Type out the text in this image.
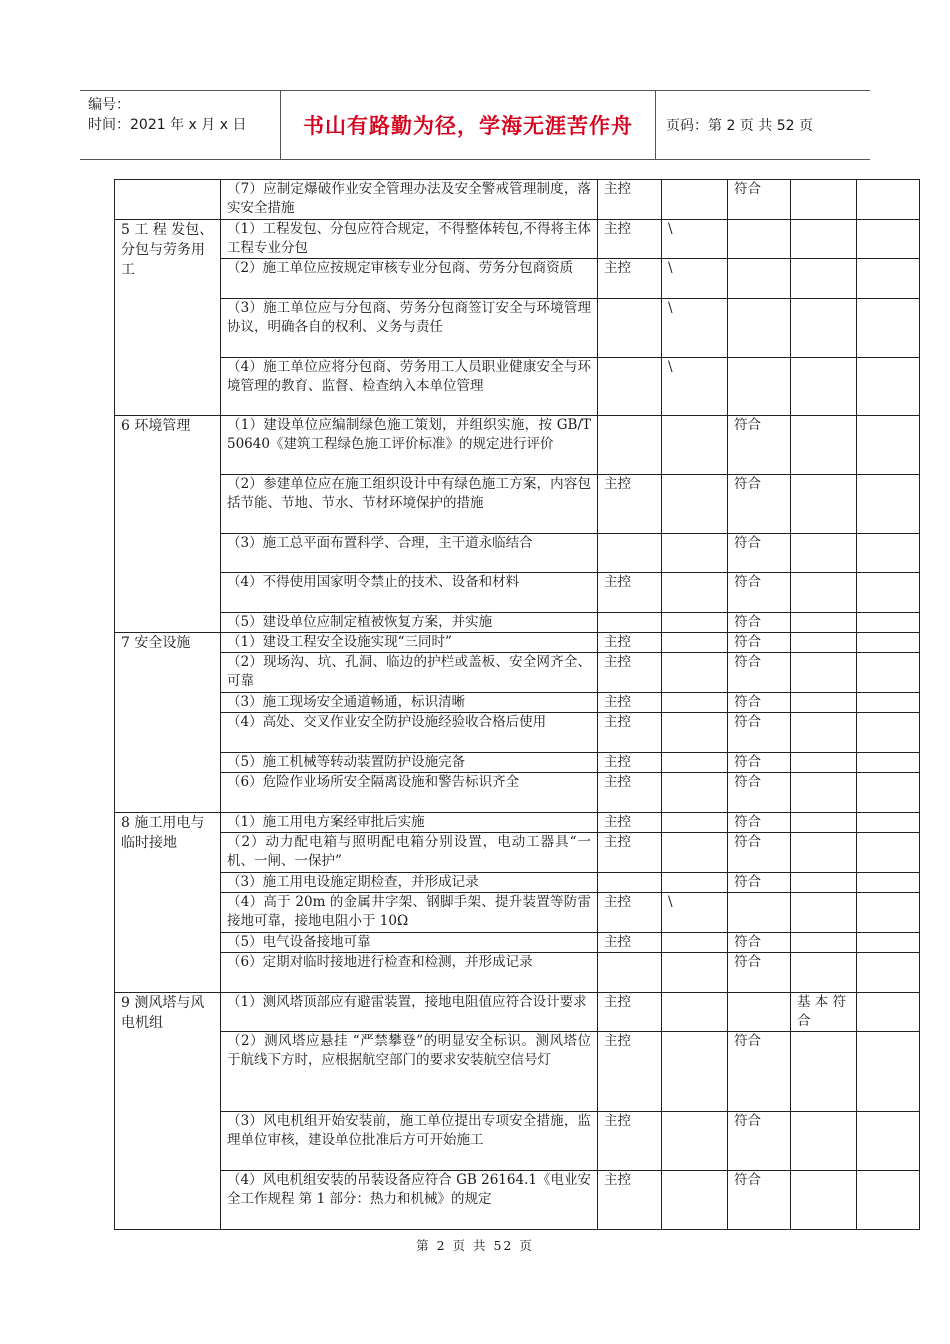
编号：
时间：2021 年 x 月 x 日	书山有路勤为径，学海无涯苦作舟	页码：第 2 页 共 52 页
	（7）应制定爆破作业安全管理办法及安全警戒管理制度，落实安全措施	主控		符合		
5 工 程 发包、分包与劳务用工	（1）工程发包、分包应符合规定，不得整体转包,不得将主体工程专业分包	主控	\			
	（2）施工单位应按规定审核专业分包商、劳务分包商资质	主控	\			
	（3）施工单位应与分包商、劳务分包商签订安全与环境管理协议，明确各自的权利、义务与责任		\			
	（4）施工单位应将分包商、劳务用工人员职业健康安全与环境管理的教育、监督、检查纳入本单位管理		\			
6 环境管理	（1）建设单位应编制绿色施工策划，并组织实施，按 GB/T 50640《建筑工程绿色施工评价标准》的规定进行评价			符合		
	（2）参建单位应在施工组织设计中有绿色施工方案，内容包括节能、节地、节水、节材环境保护的措施	主控		符合		
	（3）施工总平面布置科学、合理，主干道永临结合			符合		
	（4）不得使用国家明令禁止的技术、设备和材料	主控		符合		
	（5）建设单位应制定植被恢复方案，并实施			符合		
7 安全设施	（1）建设工程安全设施实现“三同时”	主控		符合		
	（2）现场沟、坑、孔洞、临边的护栏或盖板、安全网齐全、可靠	主控		符合		
	（3）施工现场安全通道畅通，标识清晰	主控		符合		
	（4）高处、交叉作业安全防护设施经验收合格后使用	主控		符合		
	（5）施工机械等转动装置防护设施完备	主控		符合		
	（6）危险作业场所安全隔离设施和警告标识齐全	主控		符合		
8 施工用电与临时接地	（1）施工用电方案经审批后实施	主控		符合		
	（2）动力配电箱与照明配电箱分别设置，电动工器具“一机、一闸、一保护”	主控		符合		
	（3）施工用电设施定期检查，并形成记录			符合		
	（4）高于 20m 的金属井字架、钢脚手架、提升装置等防雷接地可靠，接地电阻小于 10Ω	主控	\			
	（5）电气设备接地可靠	主控		符合		
	（6）定期对临时接地进行检查和检测，并形成记录			符合		
9 测风塔与风电机组	（1）测风塔顶部应有避雷装置，接地电阻值应符合设计要求	主控			基 本 符合	
	（2）测风塔应悬挂 “严禁攀登”的明显安全标识。测风塔位于航线下方时，应根据航空部门的要求安装航空信号灯	主控		符合		
	（3）风电机组开始安装前，施工单位提出专项安全措施，监理单位审核，建设单位批准后方可开始施工	主控		符合		
	（4）风电机组安装的吊装设备应符合 GB 26164.1《电业安全工作规程 第 1 部分：热力和机械》的规定	主控		符合		
第 2 页 共 52 页
